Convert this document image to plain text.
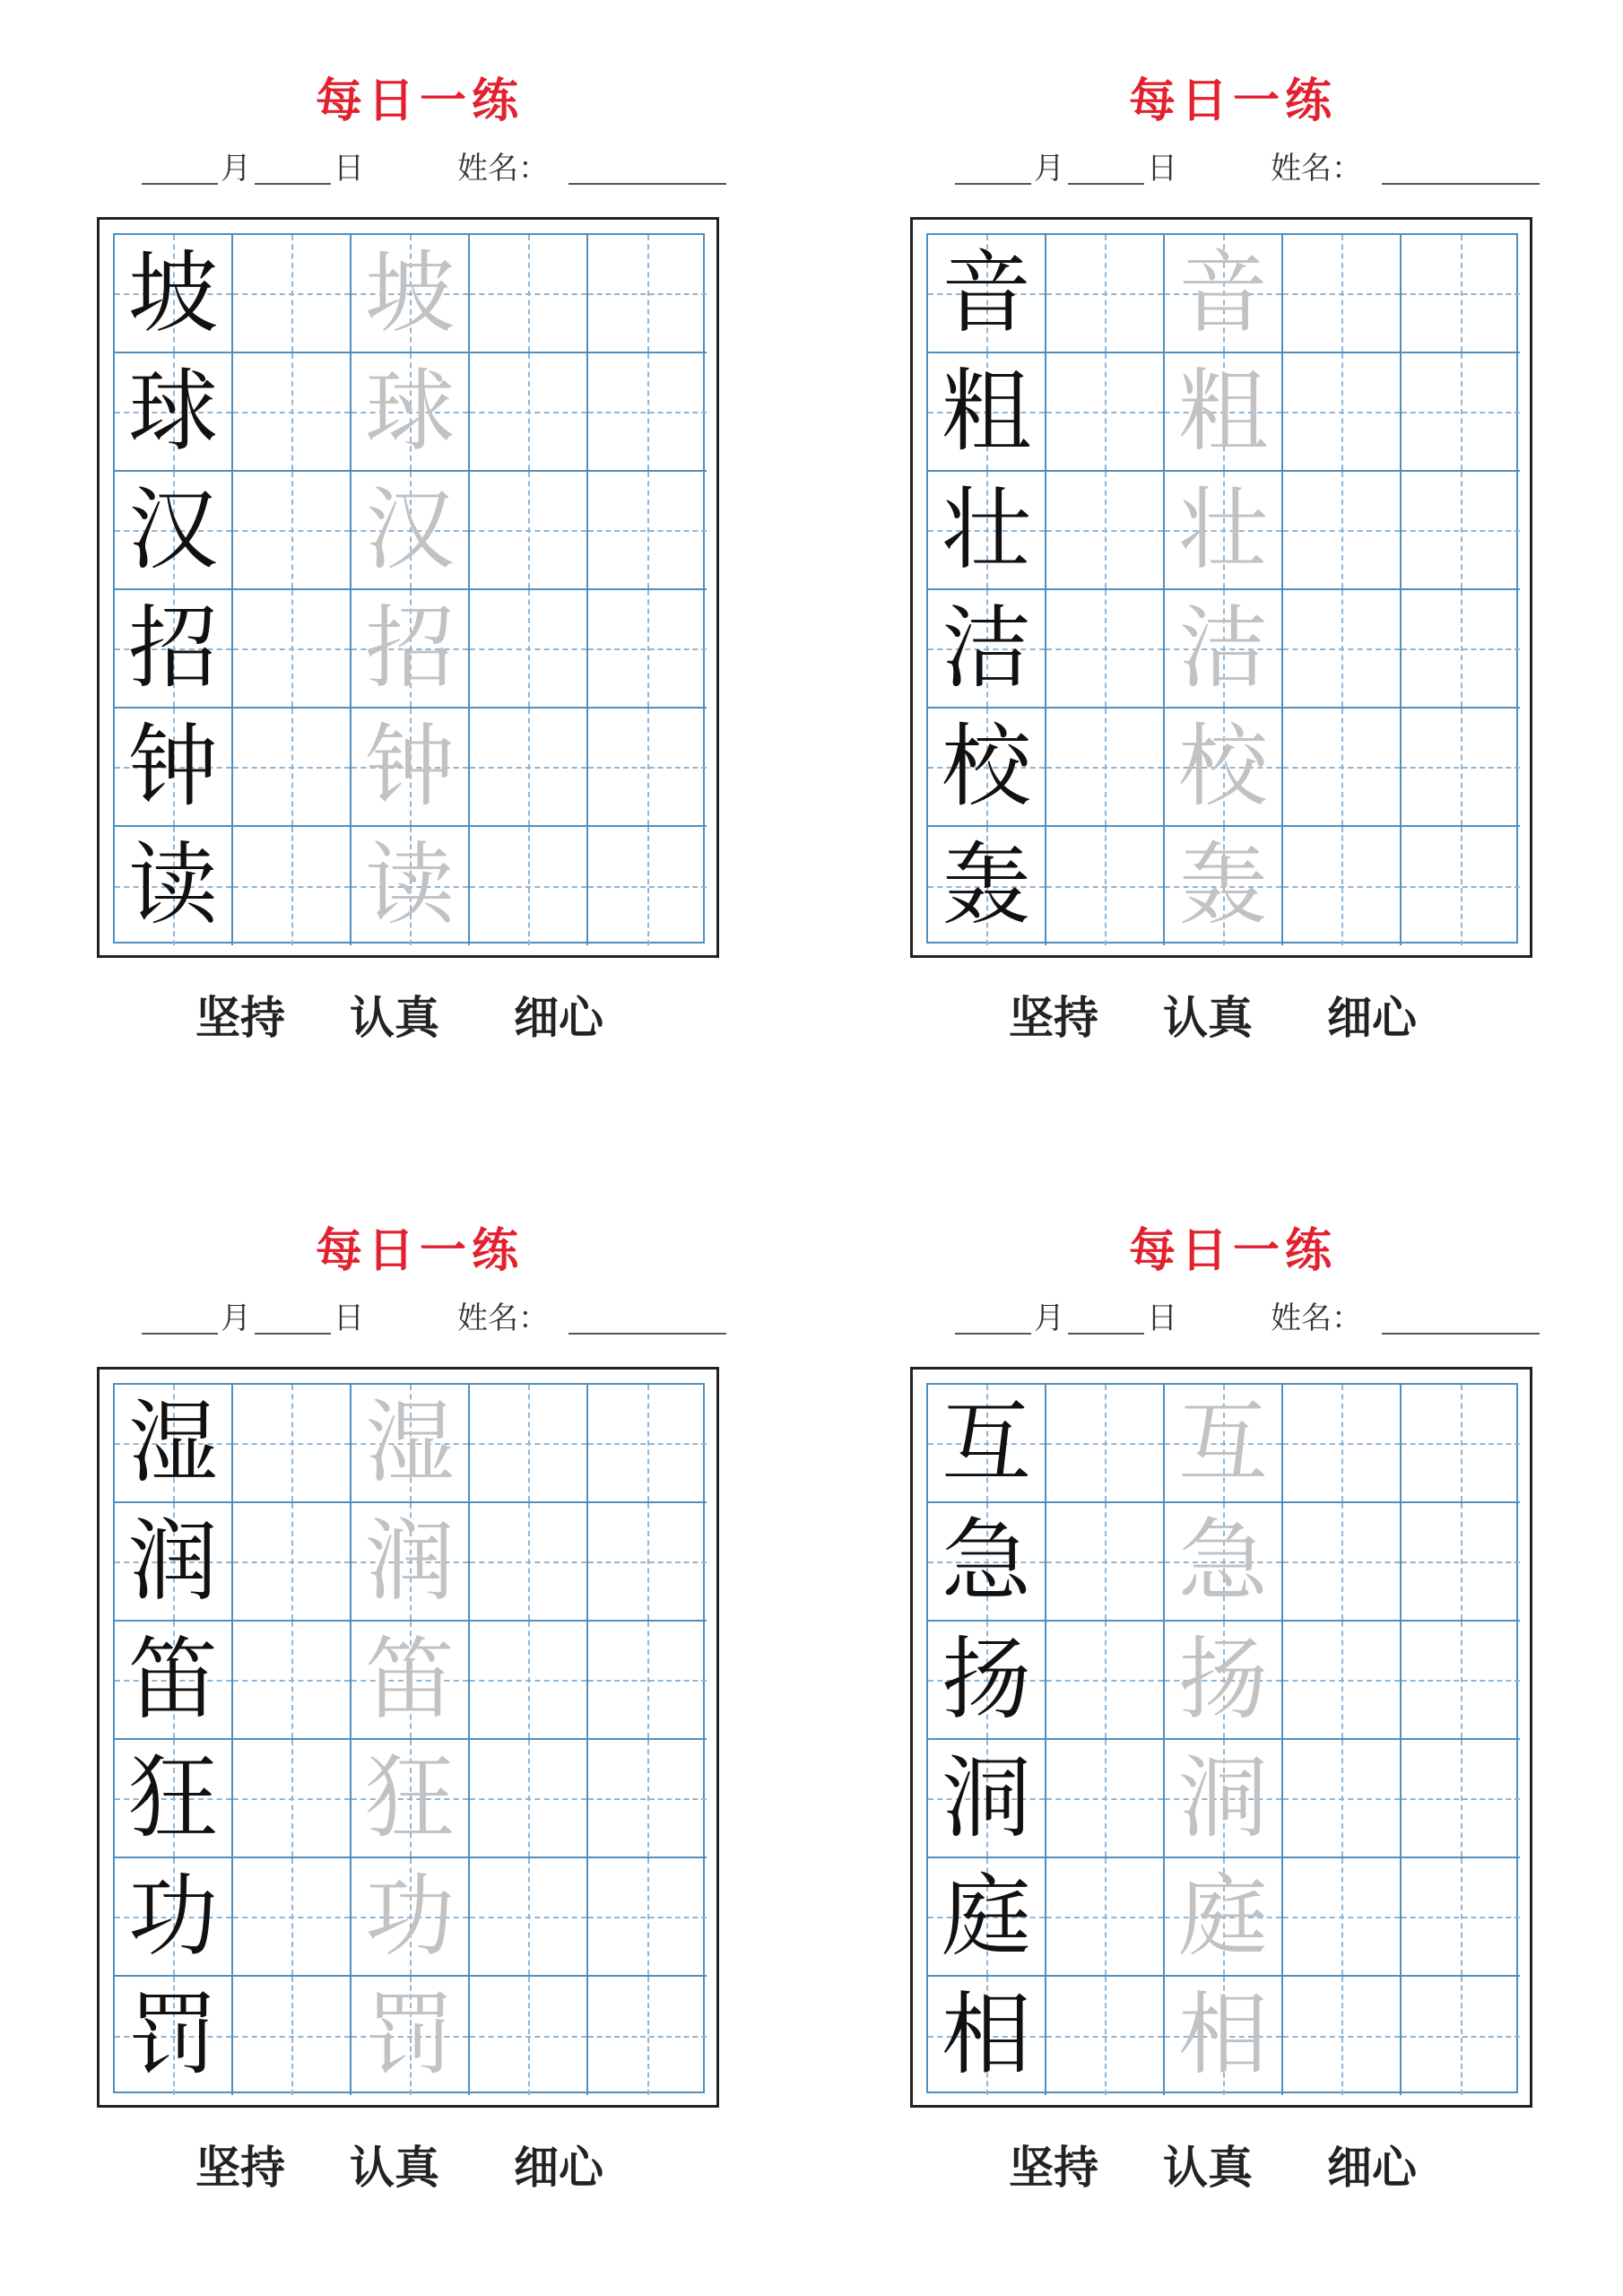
每日一练
月	日	姓名：
坡 坡
球 球
汉 汉
招 招
钟 钟
读 读
坚持 认真 细心
每日一练
月	日	姓名：
音 音
粗 粗
壮 壮
洁 洁
校 校
轰 轰
坚持 认真 细心
每日一练
月	日	姓名：
湿 湿
润 润
笛 笛
狂 狂
功 功
罚 罚
坚持 认真 细心
每日一练
月	日	姓名：
互 互
急 急
扬 扬
洞 洞
庭 庭
相 相
坚持 认真 细心
